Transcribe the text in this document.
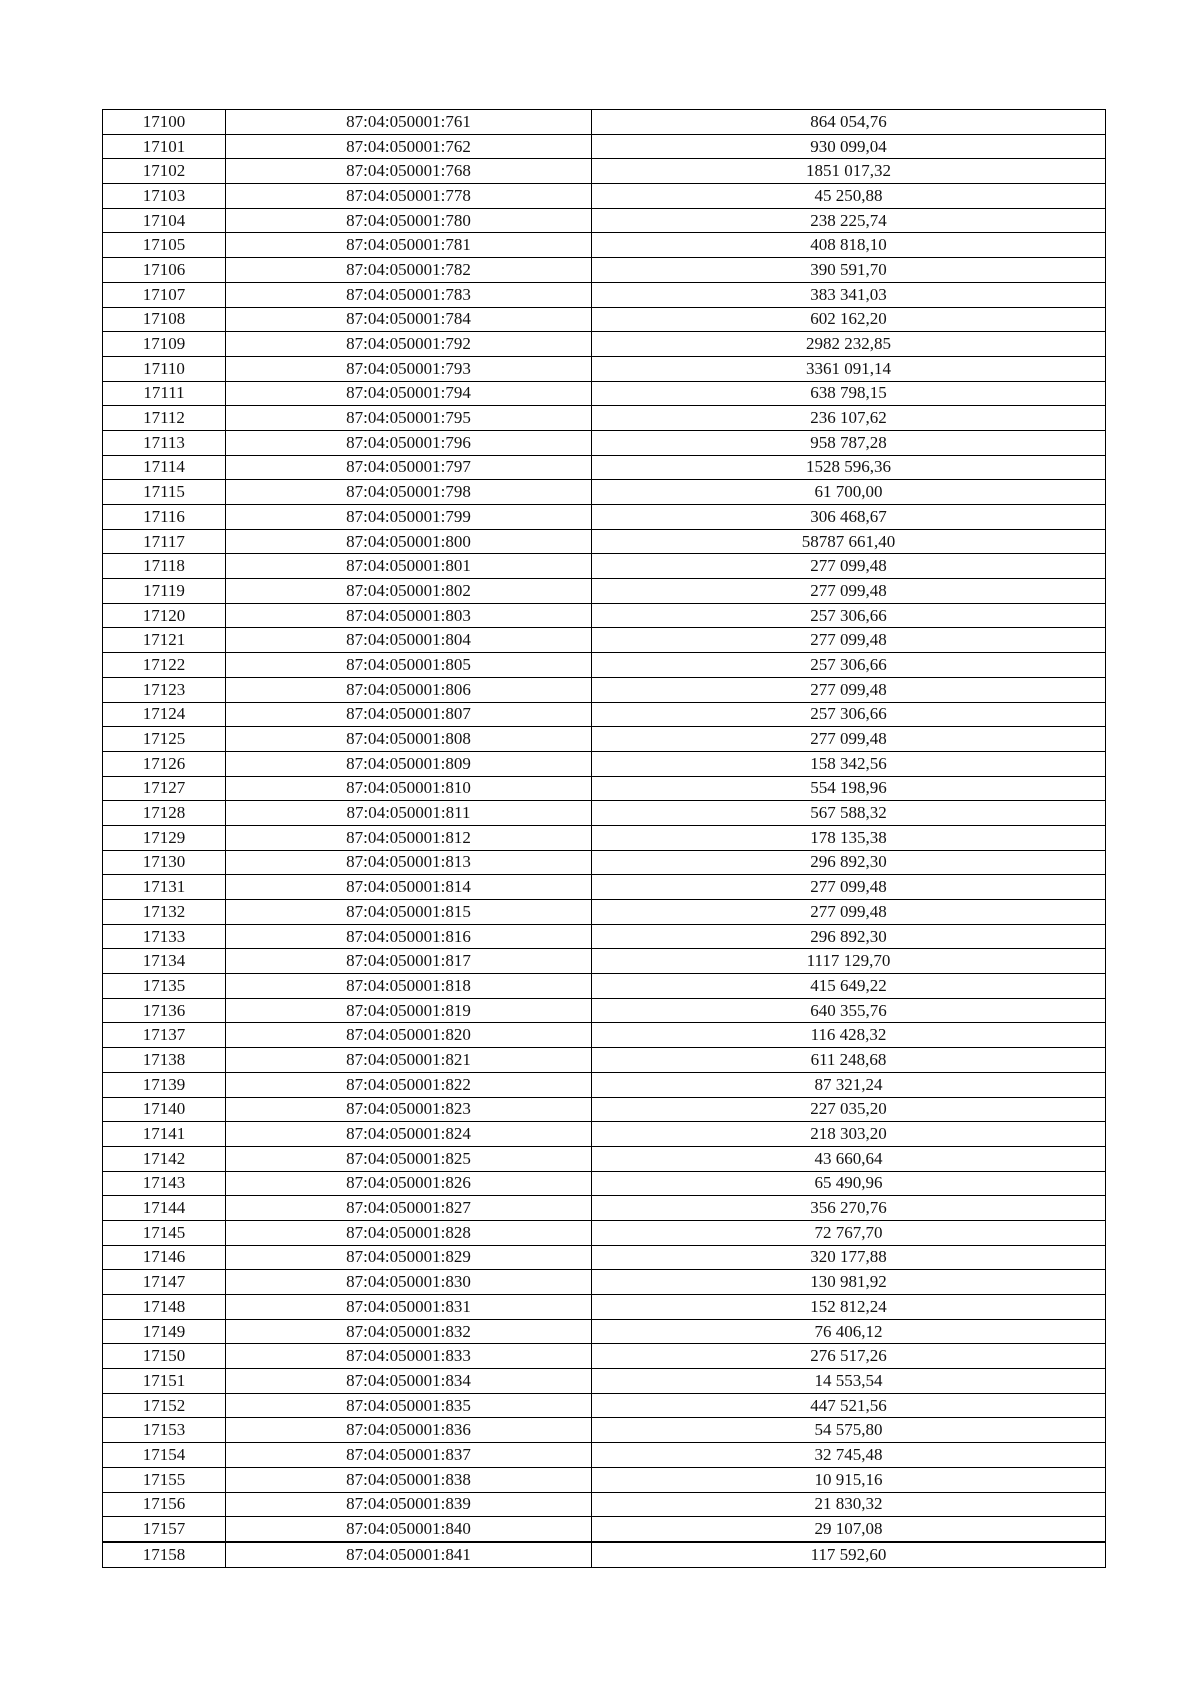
17100	87:04:050001:761	864 054,76
17101	87:04:050001:762	930 099,04
17102	87:04:050001:768	1851 017,32
17103	87:04:050001:778	45 250,88
17104	87:04:050001:780	238 225,74
17105	87:04:050001:781	408 818,10
17106	87:04:050001:782	390 591,70
17107	87:04:050001:783	383 341,03
17108	87:04:050001:784	602 162,20
17109	87:04:050001:792	2982 232,85
17110	87:04:050001:793	3361 091,14
17111	87:04:050001:794	638 798,15
17112	87:04:050001:795	236 107,62
17113	87:04:050001:796	958 787,28
17114	87:04:050001:797	1528 596,36
17115	87:04:050001:798	61 700,00
17116	87:04:050001:799	306 468,67
17117	87:04:050001:800	58787 661,40
17118	87:04:050001:801	277 099,48
17119	87:04:050001:802	277 099,48
17120	87:04:050001:803	257 306,66
17121	87:04:050001:804	277 099,48
17122	87:04:050001:805	257 306,66
17123	87:04:050001:806	277 099,48
17124	87:04:050001:807	257 306,66
17125	87:04:050001:808	277 099,48
17126	87:04:050001:809	158 342,56
17127	87:04:050001:810	554 198,96
17128	87:04:050001:811	567 588,32
17129	87:04:050001:812	178 135,38
17130	87:04:050001:813	296 892,30
17131	87:04:050001:814	277 099,48
17132	87:04:050001:815	277 099,48
17133	87:04:050001:816	296 892,30
17134	87:04:050001:817	1117 129,70
17135	87:04:050001:818	415 649,22
17136	87:04:050001:819	640 355,76
17137	87:04:050001:820	116 428,32
17138	87:04:050001:821	611 248,68
17139	87:04:050001:822	87 321,24
17140	87:04:050001:823	227 035,20
17141	87:04:050001:824	218 303,20
17142	87:04:050001:825	43 660,64
17143	87:04:050001:826	65 490,96
17144	87:04:050001:827	356 270,76
17145	87:04:050001:828	72 767,70
17146	87:04:050001:829	320 177,88
17147	87:04:050001:830	130 981,92
17148	87:04:050001:831	152 812,24
17149	87:04:050001:832	76 406,12
17150	87:04:050001:833	276 517,26
17151	87:04:050001:834	14 553,54
17152	87:04:050001:835	447 521,56
17153	87:04:050001:836	54 575,80
17154	87:04:050001:837	32 745,48
17155	87:04:050001:838	10 915,16
17156	87:04:050001:839	21 830,32
17157	87:04:050001:840	29 107,08
17158	87:04:050001:841	117 592,60
